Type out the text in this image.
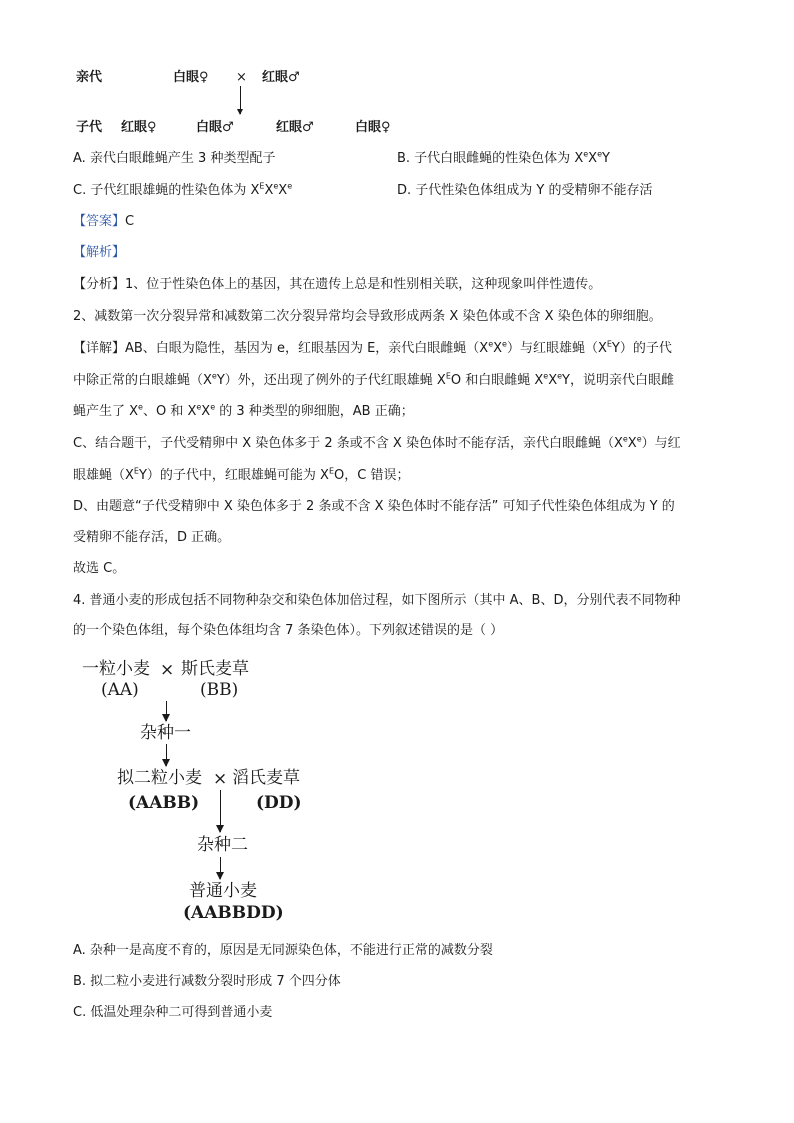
亲代	白眼♀ × 红眼♂
子代 红眼♀	白眼♂	红眼♂	白眼♀
A. 亲代白眼雌蝇产生 3 种类型配子	B. 子代白眼雌蝇的性染色体为 XeXeY
C. 子代红眼雄蝇的性染色体为 $X^EXeXe$	D. 子代性染色体组成为 Y 的受精卵不能存活
【答案】C
【解析】
【分析】1、位于性染色体上的基因，其在遗传上总是和性别相关联，这种现象叫伴性遗传。
2、减数第一次分裂异常和减数第二次分裂异常均会导致形成两条 X 染色体或不含 X 染色体的卵细胞。
【详解】AB、白眼为隐性，基因为 e，红眼基因为 E，亲代白眼雌蝇（XeXe）与红眼雄蝇$(X^EY)$的子代
中除正常的白眼雄蝇（XeY）外，还出现了例外的子代红眼雄蝇 $X^EO$ 和白眼雌蝇 XeXeY，说明亲代白眼雌
蝇产生了 Xe、O 和 XeXe 的 3 种类型的卵细胞，AB 正确；
C、结合题干，子代受精卵中 X 染色体多于 2 条或不含 X 染色体时不能存活，亲代白眼雌蝇（XeXe）与红
眼雄蝇$(X^EY)$的子代中，红眼雄蝇可能为 $X^EO$，C 错误；
D、由题意“子代受精卵中 X 染色体多于 2 条或不含 X 染色体时不能存活” 可知子代性染色体组成为 Y 的
受精卵不能存活，D 正确。
故选 C。
4. 普通小麦的形成包括不同物种杂交和染色体加倍过程，如下图所示（其中 A、B、D，分别代表不同物种
的一个染色体组，每个染色体组均含 7 条染色体）。下列叙述错误的是（ ）
一粒小麦 × 斯氏麦草
(AA)	(BB)
杂种一
拟二粒小麦 × 滔氏麦草
(AABB)	(DD)
杂种二
普通小麦
(AABBDD)
A. 杂种一是高度不育的，原因是无同源染色体，不能进行正常的减数分裂
B. 拟二粒小麦进行减数分裂时形成 7 个四分体
C. 低温处理杂种二可得到普通小麦
